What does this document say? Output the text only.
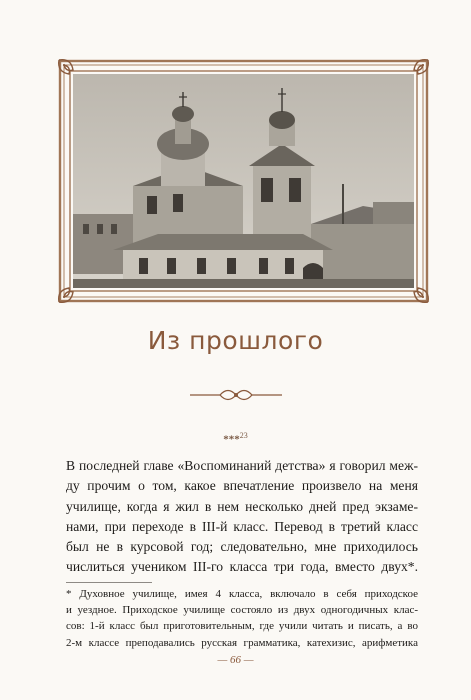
Из прошлого
***$^{23}$
В последней главе «Воспоминаний детства» я говорил меж-
ду прочим о том, какое впечатление произвело на меня
училище, когда я жил в нем несколько дней пред экзаме-
нами, при переходе в III-й класс. Перевод в третий класс
был не в курсовой год; следовательно, мне приходилось
числиться учеником III-го класса три года, вместо двух*.
* Духовное училище, имея 4 класса, включало в себя приходское
и уездное. Приходское училище состояло из двух одногодичных клас-
сов: 1-й класс был приготовительным, где учили читать и писать, а во
2-м классе преподавались русская грамматика, катехизис, арифметика
— 66 —
